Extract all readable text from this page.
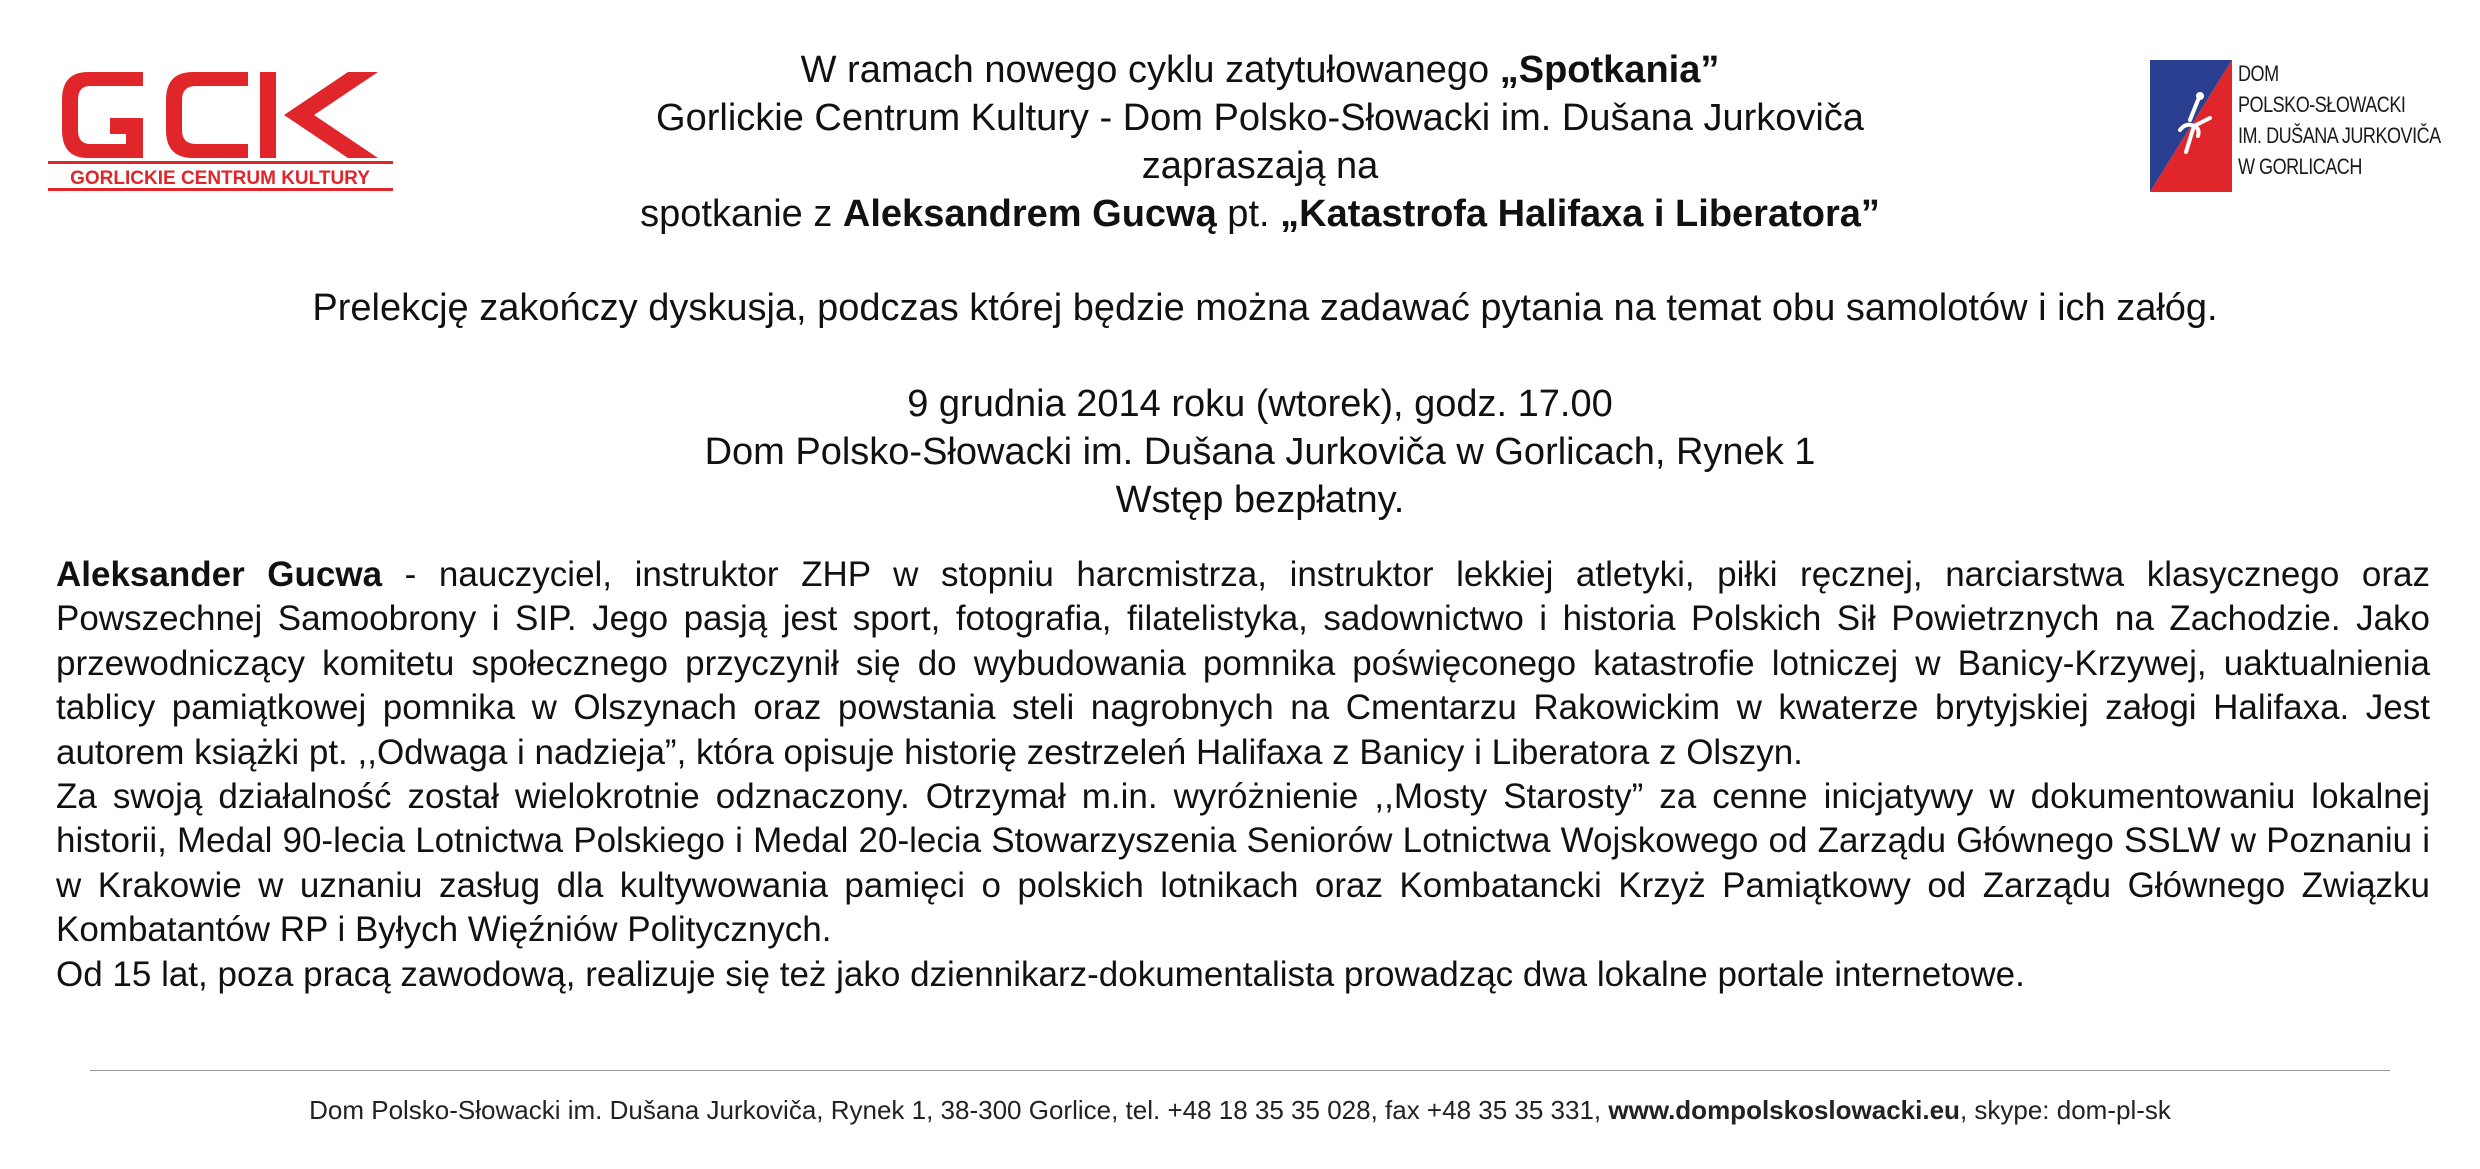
GORLICKIE CENTRUM KULTURY
DOM
POLSKO-SŁOWACKI
IM. DUŠANA JURKOVIČA
W GORLICACH
W ramach nowego cyklu zatytułowanego „Spotkania”
Gorlickie Centrum Kultury - Dom Polsko-Słowacki im. Dušana Jurkoviča
zapraszają na
spotkanie z Aleksandrem Gucwą pt. „Katastrofa Halifaxa i Liberatora”
Prelekcję zakończy dyskusja, podczas której będzie można zadawać pytania na temat obu samolotów i ich załóg.
9 grudnia 2014 roku (wtorek), godz. 17.00
Dom Polsko-Słowacki im. Dušana Jurkoviča w Gorlicach, Rynek 1
Wstęp bezpłatny.

Aleksander Gucwa - nauczyciel, instruktor ZHP w stopniu harcmistrza, instruktor lekkiej atletyki, piłki ręcznej, narciarstwa klasycznego oraz Powszechnej Samoobrony i SIP. Jego pasją jest sport, fotografia, filatelistyka, sadownictwo i historia Polskich Sił Powietrznych na Zachodzie. Jako przewodniczący komitetu społecznego przyczynił się do wybudowania pomnika poświęconego katastrofie lotniczej w Banicy-Krzywej, uaktualnienia tablicy pamiątkowej pomnika w Olszynach oraz powstania steli nagrobnych na Cmentarzu Rakowickim w kwaterze brytyjskiej załogi Halifaxa. Jest autorem książki pt. ,,Odwaga i nadzieja”, która opisuje historię zestrzeleń Halifaxa z Banicy i Liberatora z Olszyn.

Za swoją działalność został wielokrotnie odznaczony. Otrzymał m.in. wyróżnienie ,,Mosty Starosty” za cenne inicjatywy w dokumentowaniu lokalnej historii, Medal 90-lecia Lotnictwa Polskiego i Medal 20-lecia Stowarzyszenia Seniorów Lotnictwa Wojskowego od Zarządu Głównego SSLW w Poznaniu i w Krakowie w uznaniu zasług dla kultywowania pamięci o polskich lotnikach oraz Kombatancki Krzyż Pamiątkowy od Zarządu Głównego Związku Kombatantów RP i Byłych Więźniów Politycznych.

Od 15 lat, poza pracą zawodową, realizuje się też jako dziennikarz-dokumentalista prowadząc dwa lokalne portale internetowe.

Dom Polsko-Słowacki im. Dušana Jurkoviča, Rynek 1, 38-300 Gorlice, tel. +48 18 35 35 028, fax +48 35 35 331, www.dompolskoslowacki.eu, skype: dom-pl-sk
